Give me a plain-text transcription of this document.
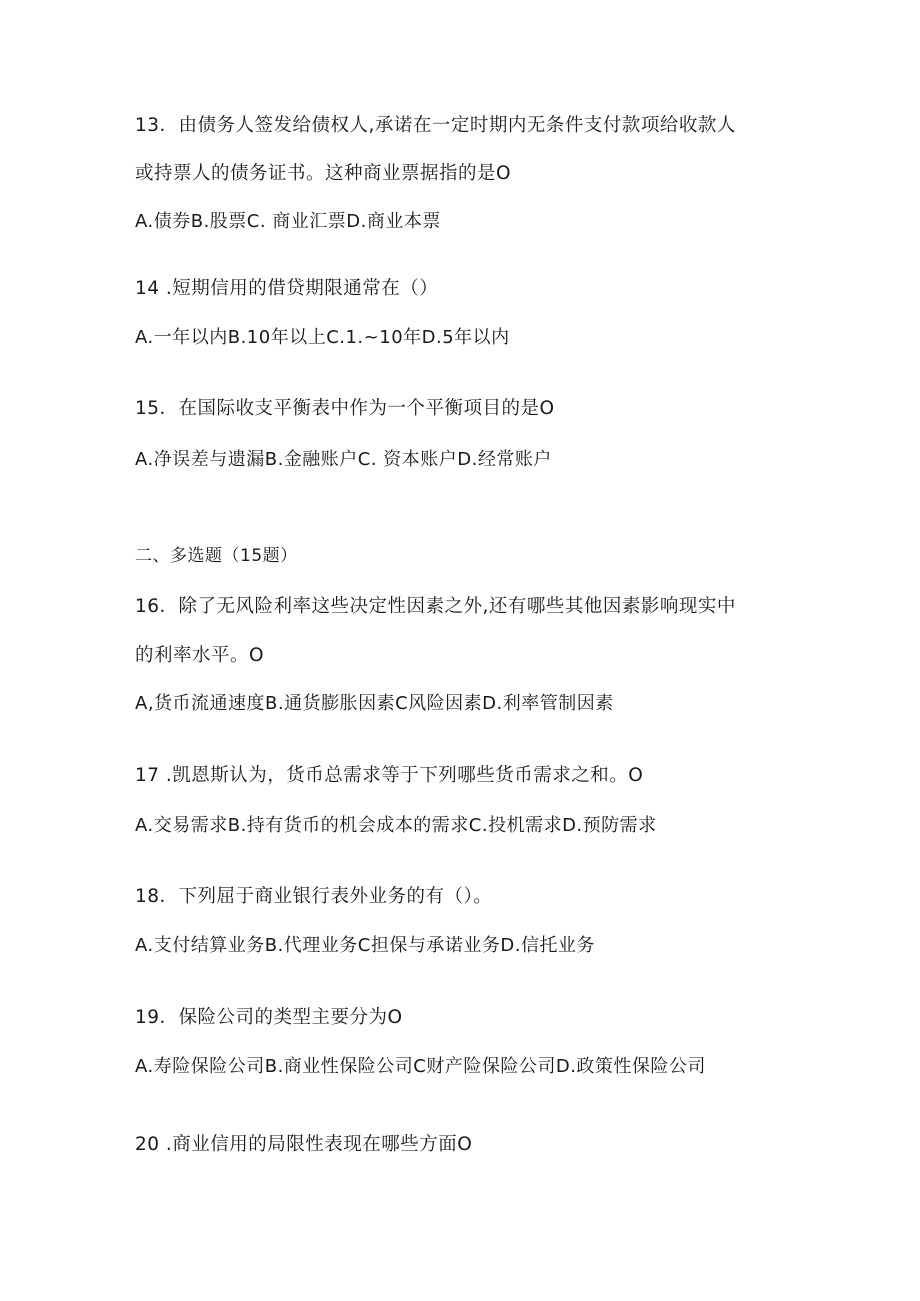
13．由债务人签发给债权人,承诺在一定时期内无条件支付款项给收款人
或持票人的债务证书。这种商业票据指的是O
A.债券B.股票C. 商业汇票D.商业本票
14 .短期信用的借贷期限通常在（）
A.一年以内B.10年以上C.1.~10年D.5年以内
15．在国际收支平衡表中作为一个平衡项目的是O
A.净误差与遗漏B.金融账户C. 资本账户D.经常账户
二、多选题（15题）
16．除了无风险利率这些决定性因素之外,还有哪些其他因素影响现实中
的利率水平。O
A,货币流通速度B.通货膨胀因素C风险因素D.利率管制因素
17 .凯恩斯认为，货币总需求等于下列哪些货币需求之和。O
A.交易需求B.持有货币的机会成本的需求C.投机需求D.预防需求
18．下列屈于商业银行表外业务的有（）。
A.支付结算业务B.代理业务C担保与承诺业务D.信托业务
19．保险公司的类型主要分为O
A.寿险保险公司B.商业性保险公司C财产险保险公司D.政策性保险公司
20 .商业信用的局限性表现在哪些方面O
